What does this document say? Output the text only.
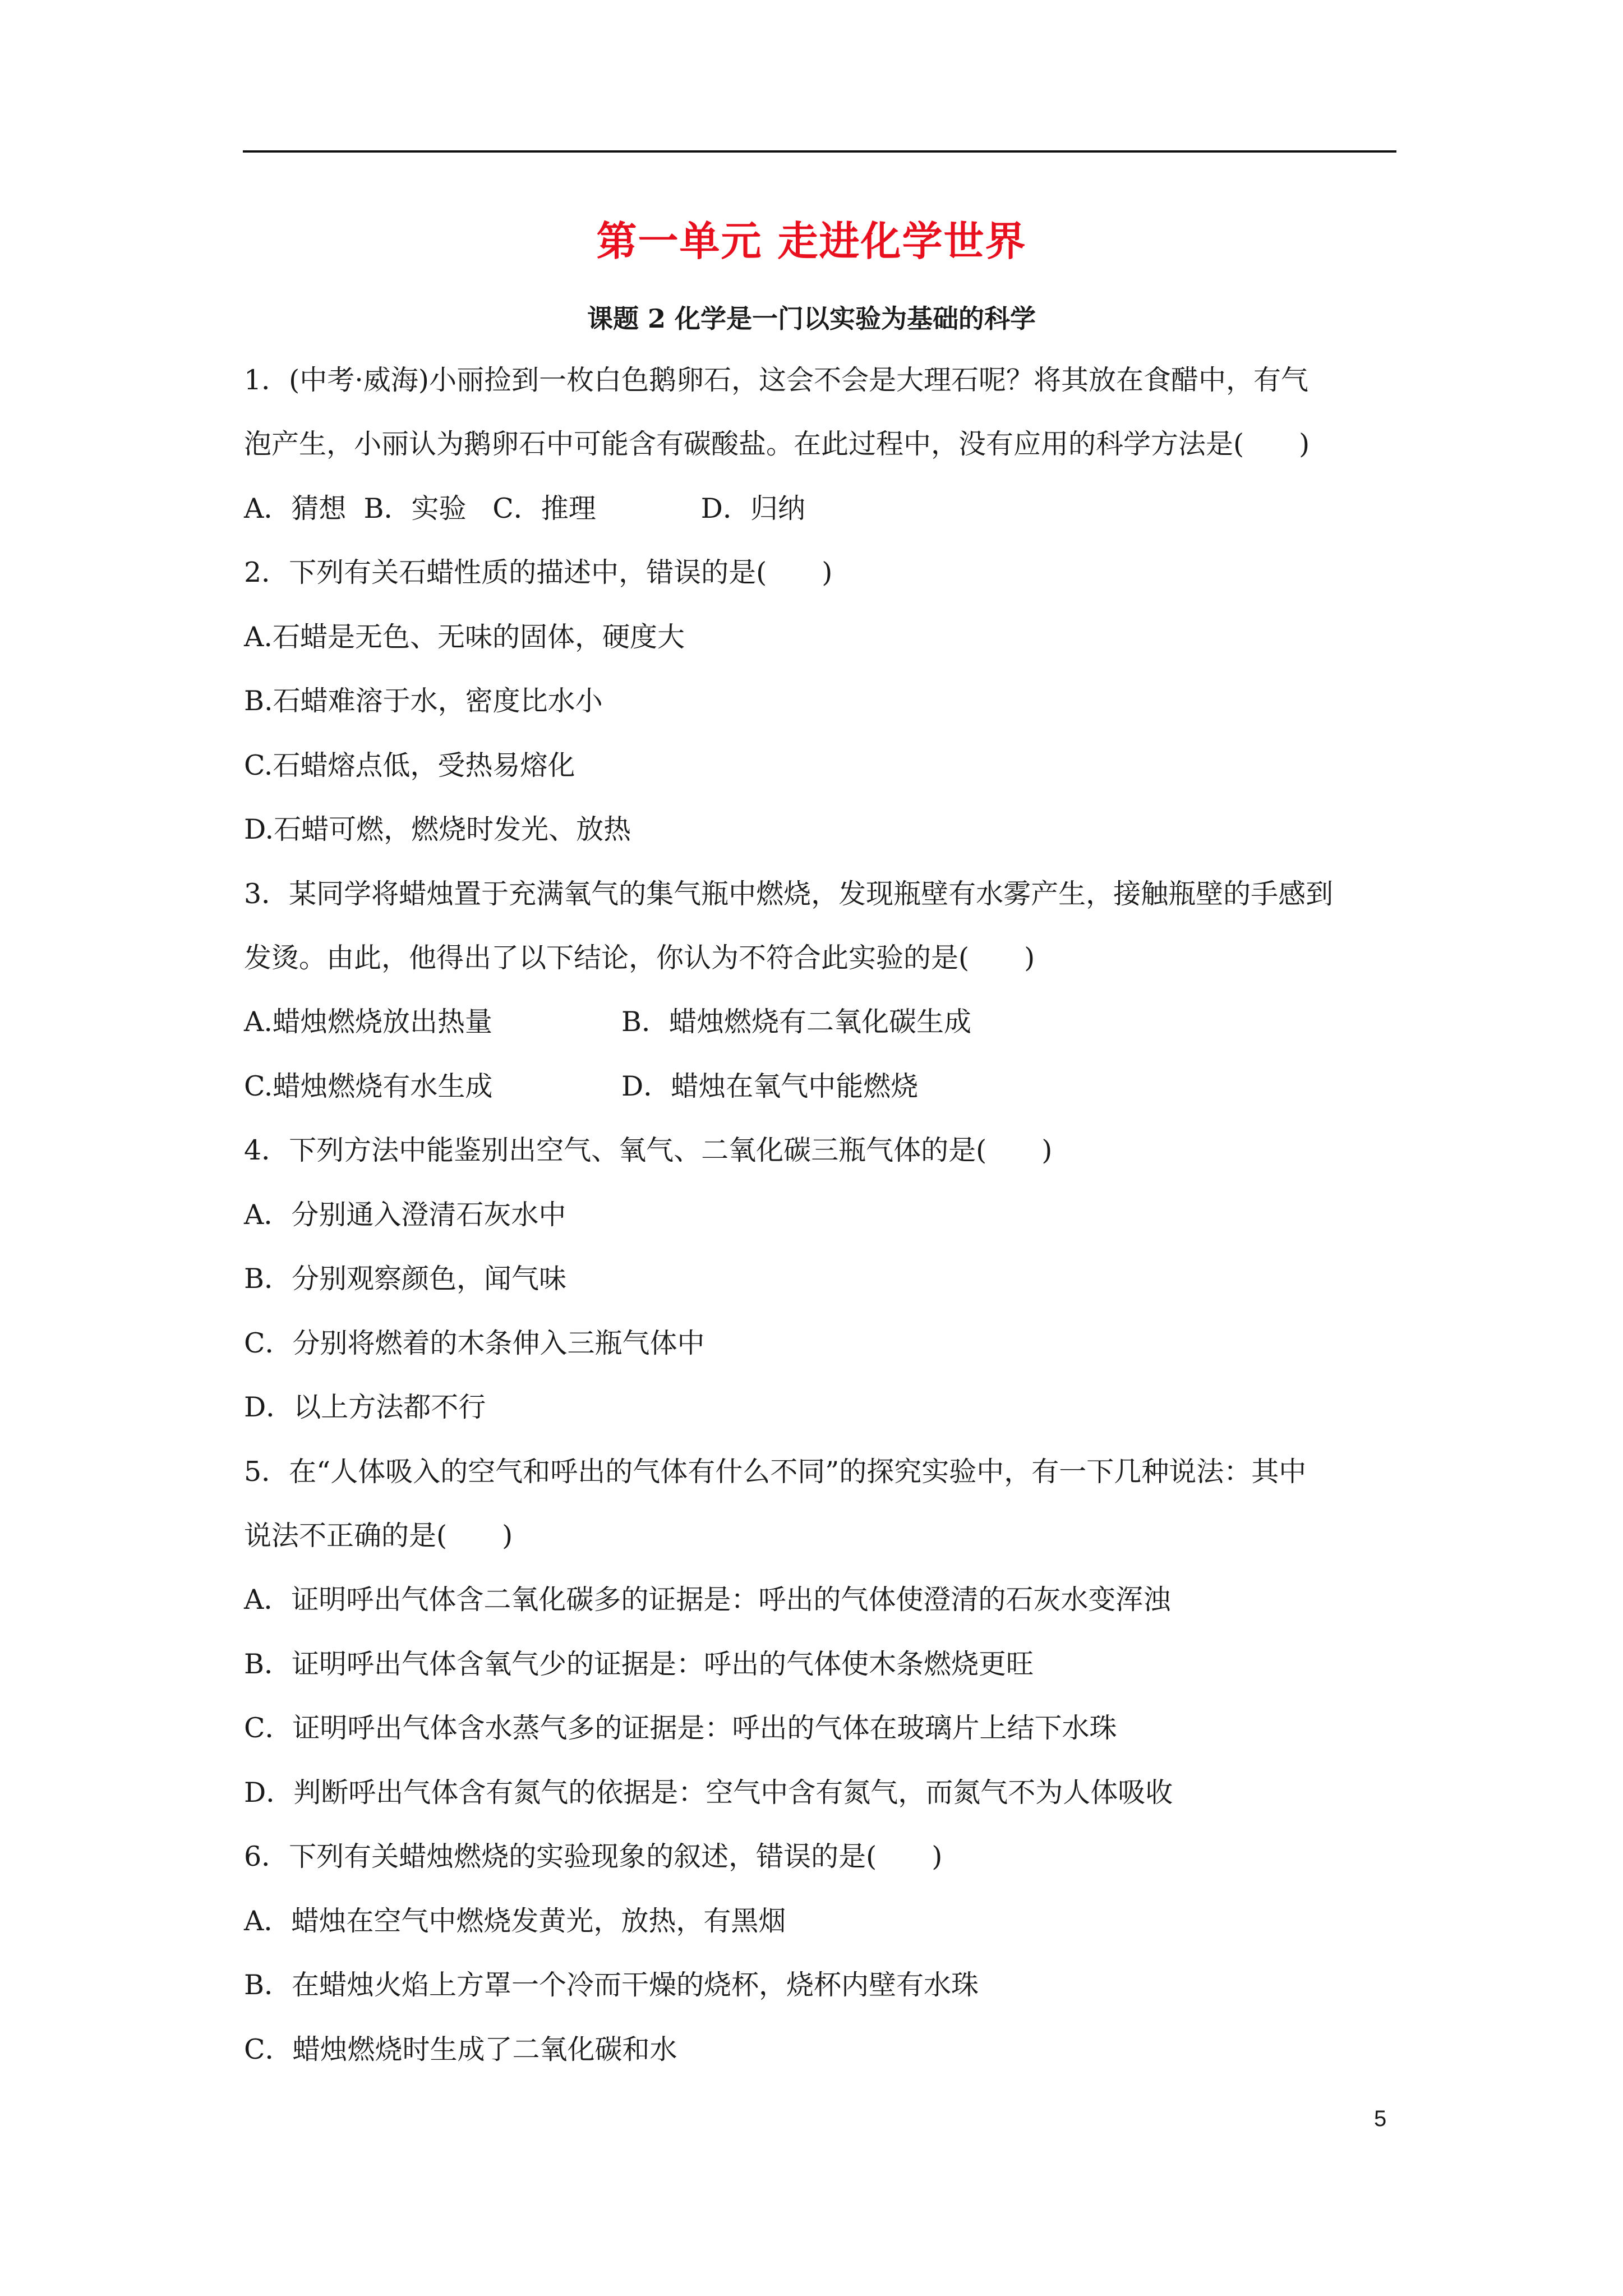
第一单元 走进化学世界
课题 2 化学是一门以实验为基础的科学
1．(中考·威海)小丽捡到一枚白色鹅卵石，这会不会是大理石呢？将其放在食醋中，有气
泡产生，小丽认为鹅卵石中可能含有碳酸盐。在此过程中，没有应用的科学方法是(　　)
A．猜想  B．实验   C．推理            D．归纳
2．下列有关石蜡性质的描述中，错误的是(　　)
A.石蜡是无色、无味的固体，硬度大
B.石蜡难溶于水，密度比水小
C.石蜡熔点低，受热易熔化
D.石蜡可燃，燃烧时发光、放热
3．某同学将蜡烛置于充满氧气的集气瓶中燃烧，发现瓶壁有水雾产生，接触瓶壁的手感到
发烫。由此，他得出了以下结论，你认为不符合此实验的是(　　)
A.蜡烛燃烧放出热量	B．蜡烛燃烧有二氧化碳生成
C.蜡烛燃烧有水生成	D．蜡烛在氧气中能燃烧
4．下列方法中能鉴别出空气、氧气、二氧化碳三瓶气体的是(　　)
A．分别通入澄清石灰水中
B．分别观察颜色，闻气味
C．分别将燃着的木条伸入三瓶气体中
D．以上方法都不行
5．在“人体吸入的空气和呼出的气体有什么不同”的探究实验中，有一下几种说法：其中
说法不正确的是(　　)
A．证明呼出气体含二氧化碳多的证据是：呼出的气体使澄清的石灰水变浑浊
B．证明呼出气体含氧气少的证据是：呼出的气体使木条燃烧更旺
C．证明呼出气体含水蒸气多的证据是：呼出的气体在玻璃片上结下水珠
D．判断呼出气体含有氮气的依据是：空气中含有氮气，而氮气不为人体吸收
6．下列有关蜡烛燃烧的实验现象的叙述，错误的是(　　)
A．蜡烛在空气中燃烧发黄光，放热，有黑烟
B．在蜡烛火焰上方罩一个冷而干燥的烧杯，烧杯内壁有水珠
C．蜡烛燃烧时生成了二氧化碳和水
5
